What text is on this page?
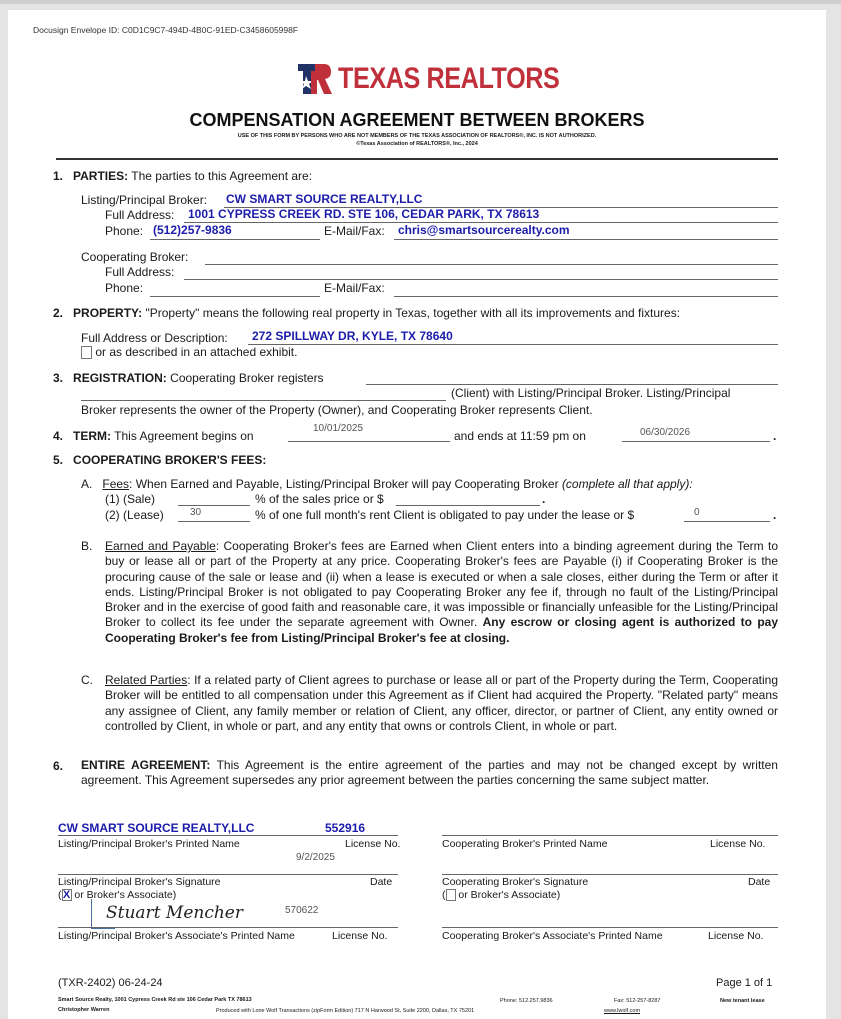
Docusign Envelope ID: C0D1C9C7-494D-4B0C-91ED-C3458605998F
TEXAS REALTORS
COMPENSATION AGREEMENT BETWEEN BROKERS
USE OF THIS FORM BY PERSONS WHO ARE NOT MEMBERS OF THE TEXAS ASSOCIATION OF REALTORS®, INC. IS NOT AUTHORIZED.
©Texas Association of REALTORS®, Inc., 2024
1. PARTIES: The parties to this Agreement are:
Listing/Principal Broker: CW SMART SOURCE REALTY,LLC
Full Address: 1001 CYPRESS CREEK RD. STE 106, CEDAR PARK, TX 78613
Phone: (512)257-9836	E-Mail/Fax: chris@smartsourcerealty.com
Cooperating Broker:
Full Address:
Phone:	E-Mail/Fax:
2. PROPERTY: "Property" means the following real property in Texas, together with all its improvements and fixtures:
Full Address or Description: 272 SPILLWAY DR, KYLE, TX 78640
or as described in an attached exhibit.
3. REGISTRATION: Cooperating Broker registers
(Client) with Listing/Principal Broker. Listing/Principal
Broker represents the owner of the Property (Owner), and Cooperating Broker represents Client.
4. TERM: This Agreement begins on
10/01/2025
and ends at 11:59 pm on	06/30/2026	.
5. COOPERATING BROKER'S FEES:
A. Fees: When Earned and Payable, Listing/Principal Broker will pay Cooperating Broker (complete all that apply):
(1) (Sale)	% of the sales price or $	.
(2) (Lease)	30	% of one full month's rent Client is obligated to pay under the lease or $	0	.
B. Earned and Payable: Cooperating Broker's fees are Earned when Client enters into a binding agreement during the Term to buy or lease all or part of the Property at any price. Cooperating Broker's fees are Payable (i) if Cooperating Broker is the procuring cause of the sale or lease and (ii) when a lease is executed or when a sale closes, either during the Term or after it ends. Listing/Principal Broker is not obligated to pay Cooperating Broker any fee if, through no fault of the Listing/Principal Broker and in the exercise of good faith and reasonable care, it was impossible or financially unfeasible for the Listing/Principal Broker to collect its fee under the separate agreement with Owner. Any escrow or closing agent is authorized to pay Cooperating Broker's fee from Listing/Principal Broker's fee at closing.
C. Related Parties: If a related party of Client agrees to purchase or lease all or part of the Property during the Term, Cooperating Broker will be entitled to all compensation under this Agreement as if Client had acquired the Property. "Related party" means any assignee of Client, any family member or relation of Client, any officer, director, or partner of Client, any entity owned or controlled by Client, in whole or part, and any entity that owns or controls Client, in whole or part.
6. ENTIRE AGREEMENT: This Agreement is the entire agreement of the parties and may not be changed except by written agreement. This Agreement supersedes any prior agreement between the parties concerning the same subject matter.
CW SMART SOURCE REALTY,LLC	552916
Listing/Principal Broker's Printed Name	License No.
9/2/2025
Listing/Principal Broker's Signature	Date
(X or Broker's Associate)
Stuart Mencher	570622
Listing/Principal Broker's Associate's Printed Name	License No.
Cooperating Broker's Printed Name	License No.
Cooperating Broker's Signature	Date
( or Broker's Associate)
Cooperating Broker's Associate's Printed Name	License No.
(TXR-2402) 06-24-24	Page 1 of 1
Smart Source Realty, 1001 Cypress Creek Rd ste 106 Cedar Park TX 78613	Phone: 512.257.9836	Fax: 512-257-8287	New tenant lease
Christopher Warren	Produced with Lone Wolf Transactions (zipForm Edition) 717 N Harwood St, Suite 2200, Dallas, TX 75201	www.lwolf.com
